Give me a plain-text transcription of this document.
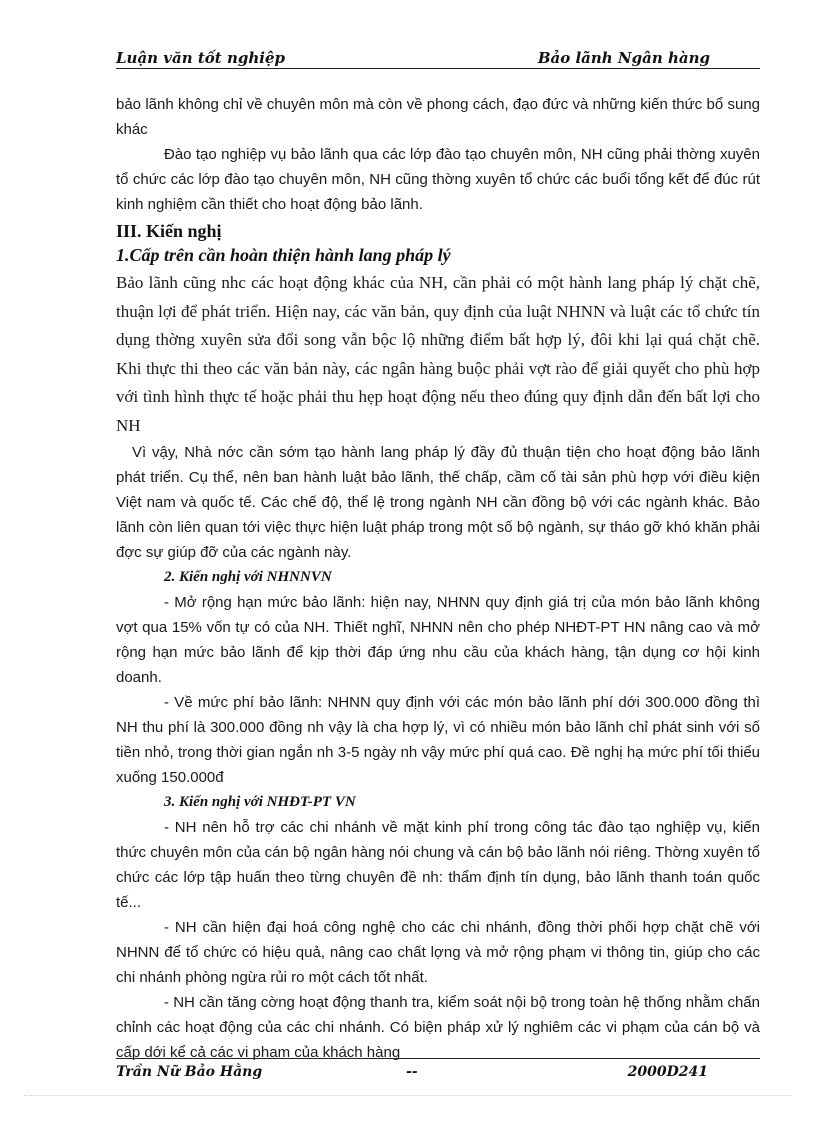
Luận văn tốt nghiệp	Bảo lãnh Ngân hàng

bảo lãnh không chỉ về chuyên môn mà còn về phong cách, đạo đức và những kiến thức bổ sung khác

Đào tạo nghiệp vụ bảo lãnh qua các lớp đào tạo chuyên môn, NH cũng phải thờng xuyên tổ chức các lớp đào tạo chuyên môn, NH cũng thờng xuyên tổ chức các buổi tổng kết để đúc rút kinh nghiệm cần thiết cho hoạt động bảo lãnh.

III. Kiến nghị
1.Cấp trên cần hoàn thiện hành lang pháp lý

Bảo lãnh cũng nhc các hoạt động khác của NH, cần phải có một hành lang pháp lý chặt chẽ, thuận lợi để phát triển. Hiện nay, các văn bản, quy định của luật NHNN và luật các tổ chức tín dụng thờng xuyên sửa đổi song vẫn bộc lộ những điểm bất hợp lý, đôi khi lại quá chặt chẽ. Khi thực thi theo các văn bản này, các ngân hàng buộc phải vợt rào để giải quyết cho phù hợp với tình hình thực tế hoặc phải thu hẹp hoạt động nếu theo đúng quy định dẫn đến bất lợi cho NH

Vì vậy, Nhà nớc cần sớm tạo hành lang pháp lý đầy đủ thuận tiện cho hoạt động bảo lãnh phát triển. Cụ thể, nên ban hành luật bảo lãnh, thế chấp, cầm cố tài sản phù hợp với điều kiện Việt nam và quốc tế. Các chế độ, thể lệ trong ngành NH cần đồng bộ với các ngành khác. Bảo lãnh còn liên quan tới việc thực hiện luật pháp trong một số bộ ngành, sự tháo gỡ khó khăn phải đợc sự giúp đỡ của các ngành này.

2. Kiến nghị với NHNNVN

- Mở rộng hạn mức bảo lãnh: hiện nay, NHNN quy định giá trị của món bảo lãnh không vợt qua 15% vốn tự có của NH. Thiết nghĩ, NHNN nên cho phép NHĐT-PT HN nâng cao và mở rộng hạn mức bảo lãnh để kịp thời đáp ứng nhu cầu của khách hàng, tận dụng cơ hội kinh doanh.

- Về mức phí bảo lãnh: NHNN quy định với các món bảo lãnh phí dới 300.000 đồng thì NH thu phí là 300.000 đồng nh vậy là cha hợp lý, vì có nhiều món bảo lãnh chỉ phát sinh với số tiền nhỏ, trong thời gian ngắn nh 3-5 ngày nh vậy mức phí quá cao. Đề nghị hạ mức phí tối thiểu xuống 150.000đ

3. Kiến nghị với NHĐT-PT VN

- NH nên hỗ trợ các chi nhánh về mặt kinh phí trong công tác đào tạo nghiệp vụ, kiến thức chuyên môn của cán bộ ngân hàng nói chung và cán bộ bảo lãnh nói riêng. Thờng xuyên tổ chức các lớp tập huấn theo từng chuyên đề nh: thẩm định tín dụng, bảo lãnh thanh toán quốc tế...

- NH cần hiện đại hoá công nghệ cho các chi nhánh, đồng thời phối hợp chặt chẽ với NHNN để tổ chức có hiệu quả, nâng cao chất lợng và mở rộng phạm vi thông tin, giúp cho các chi nhánh phòng ngừa rủi ro một cách tốt nhất.

- NH cần tăng cờng hoạt động thanh tra, kiểm soát nội bộ trong toàn hệ thống nhằm chấn chỉnh các hoạt động của các chi nhánh. Có biện pháp xử lý nghiêm các vi phạm của cán bộ và cấp dới kể cả các vi phạm của khách hàng

Trần Nữ Bảo Hằng	--	2000D241
